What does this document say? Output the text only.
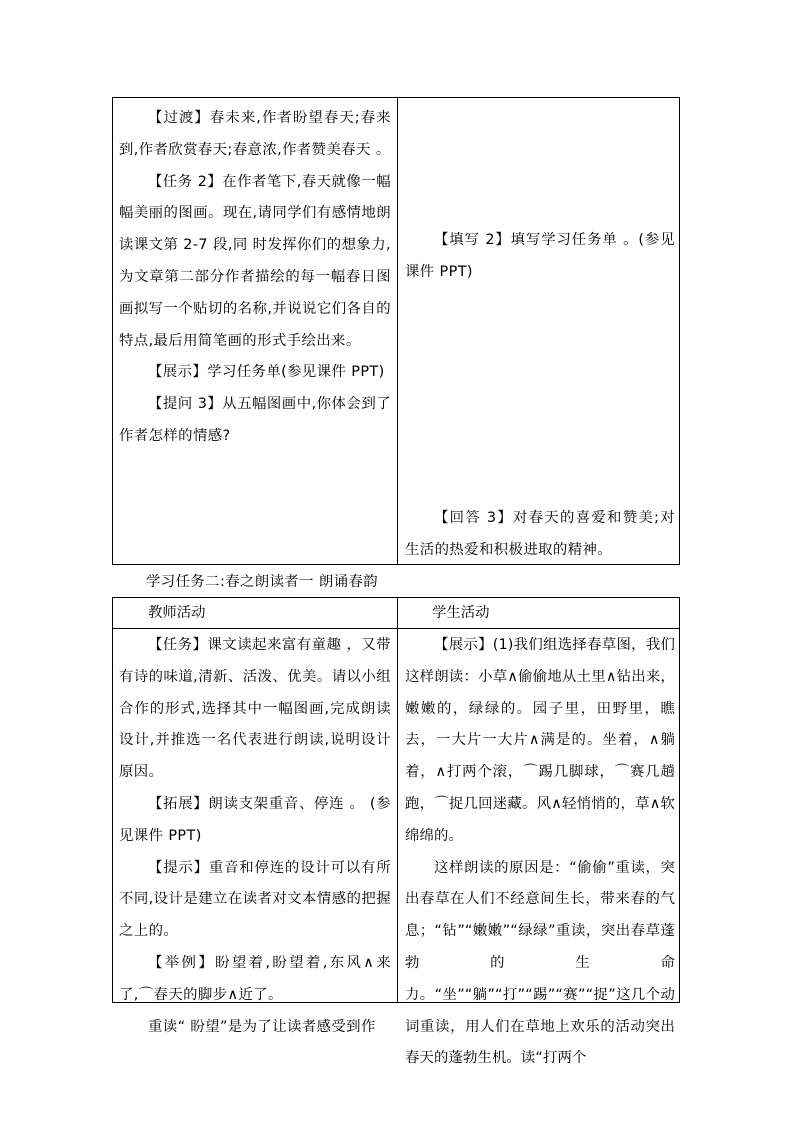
【过渡】春未来,作者盼望春天;春来到,作者欣赏春天;春意浓,作者赞美春天 。

【任务 2】在作者笔下,春天就像一幅幅美丽的图画。现在,请同学们有感情地朗读课文第 2-7 段,同 时发挥你们的想象力,为文章第二部分作者描绘的每一幅春日图画拟写一个贴切的名称,并说说它们各自的特点,最后用简笔画的形式手绘出来。

【展示】学习任务单(参见课件 PPT)

【提问 3】从五幅图画中,你体会到了作者怎样的情感?

【填写 2】填写学习任务单 。(参见课件 PPT)

【回答 3】对春天的喜爱和赞美;对生活的热爱和积极进取的精神。

学习任务二:春之朗读者一 朗诵春韵
教师活动	学生活动

【任务】课文读起来富有童趣 ，又带有诗的味道,清新、活泼、优美。请以小组合作的形式,选择其中一幅图画,完成朗读设计,并推选一名代表进行朗读,说明设计原因。

【拓展】朗读支架重音、停连 。 (参见课件 PPT)

【提示】重音和停连的设计可以有所不同,设计是建立在读者对文本情感的把握之上的。

【举例】盼望着,盼望着,东风∧来了,⌒春天的脚步∧近了。

重读“ 盼望”是为了让读者感受到作

【展示】(1)我们组选择春草图，我们这样朗读：小草∧偷偷地从土里∧钻出来，嫩嫩的，绿绿的。园子里，田野里，瞧去，一大片一大片∧满是的。坐着，∧躺着，∧打两个滚，⌒踢几脚球，⌒赛几趟跑，⌒捉几回迷藏。风∧轻悄悄的，草∧软绵绵的。

这样朗读的原因是：“偷偷”重读，突出春草在人们不经意间生长，带来春的气息；“钻”“嫩嫩”“绿绿”重读，突出春草蓬勃的生命力。“坐”“躺”“打”“踢”“赛”“捉”这几个动词重读，用人们在草地上欢乐的活动突出春天的蓬勃生机。读“打两个
